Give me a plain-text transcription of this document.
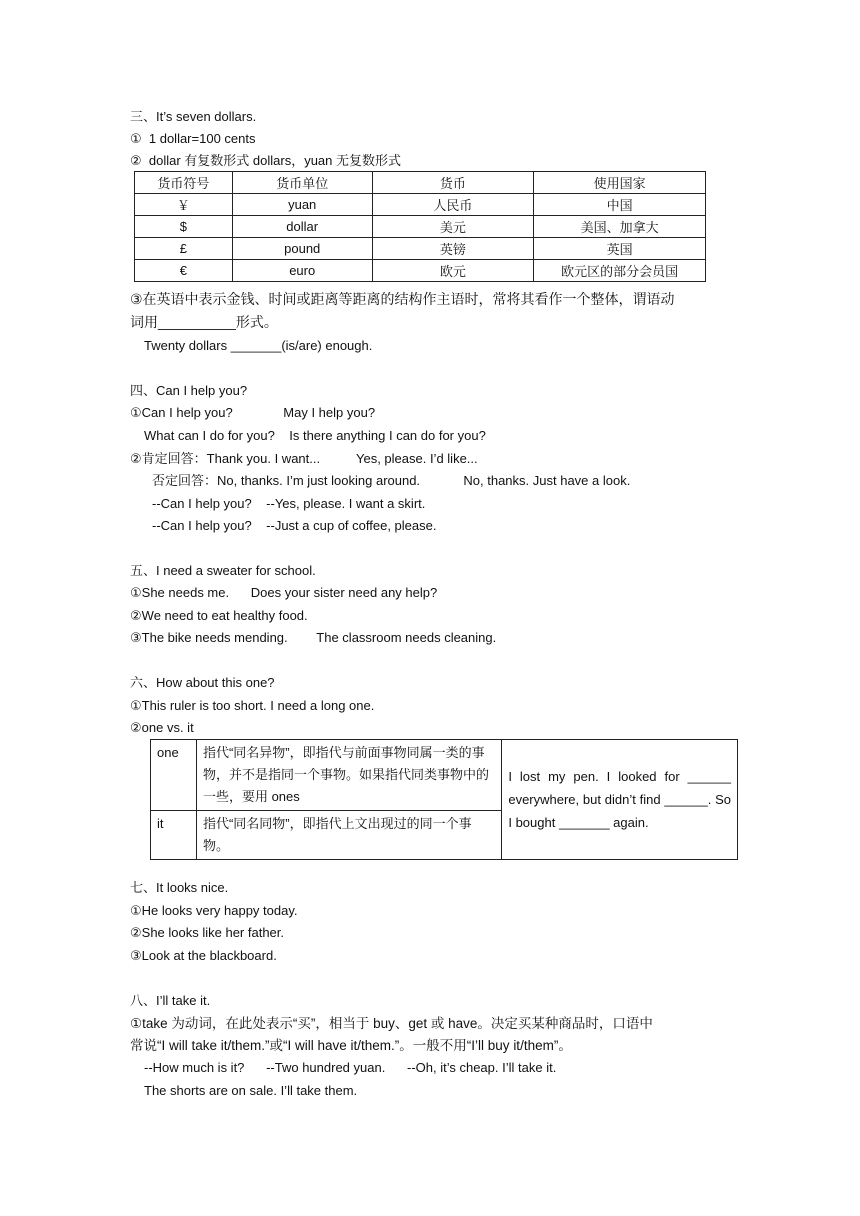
三、It’s seven dollars.
①  1 dollar=100 cents
②  dollar 有复数形式 dollars，yuan 无复数形式
货币符号	货币单位	货币	使用国家
￥	yuan	人民币	中国
$	dollar	美元	美国、加拿大
£	pound	英镑	英国
€	euro	欧元	欧元区的部分会员国
③在英语中表示金钱、时间或距离等距离的结构作主语时，常将其看作一个整体，谓语动
词用__________形式。
Twenty dollars _______(is/are) enough.
四、Can I help you?
①Can I help you?              May I help you?
What can I do for you?    Is there anything I can do for you?
②肯定回答：Thank you. I want...          Yes, please. I’d like...
否定回答：No, thanks. I’m just looking around.            No, thanks. Just have a look.
--Can I help you?    --Yes, please. I want a skirt.
--Can I help you?    --Just a cup of coffee, please.
五、I need a sweater for school.
①She needs me.      Does your sister need any help?
②We need to eat healthy food.
③The bike needs mending.        The classroom needs cleaning.
六、How about this one?
①This ruler is too short. I need a long one.
②one vs. it
one	指代“同名异物”，即指代与前面事物同属一类的事物，并不是指同一个事物。如果指代同类事物中的一些，要用 ones	I lost my pen. I looked for ______ everywhere, but didn’t find ______. So I bought _______ again.
it	指代“同名同物”，即指代上文出现过的同一个事物。	
七、It looks nice.
①He looks very happy today.
②She looks like her father.
③Look at the blackboard.
八、I’ll take it.
①take 为动词，在此处表示“买”，相当于 buy、get 或 have。决定买某种商品时，口语中
常说“I will take it/them.”或“I will have it/them.”。一般不用“I’ll buy it/them”。
--How much is it?      --Two hundred yuan.      --Oh, it’s cheap. I’ll take it.
The shorts are on sale. I’ll take them.
